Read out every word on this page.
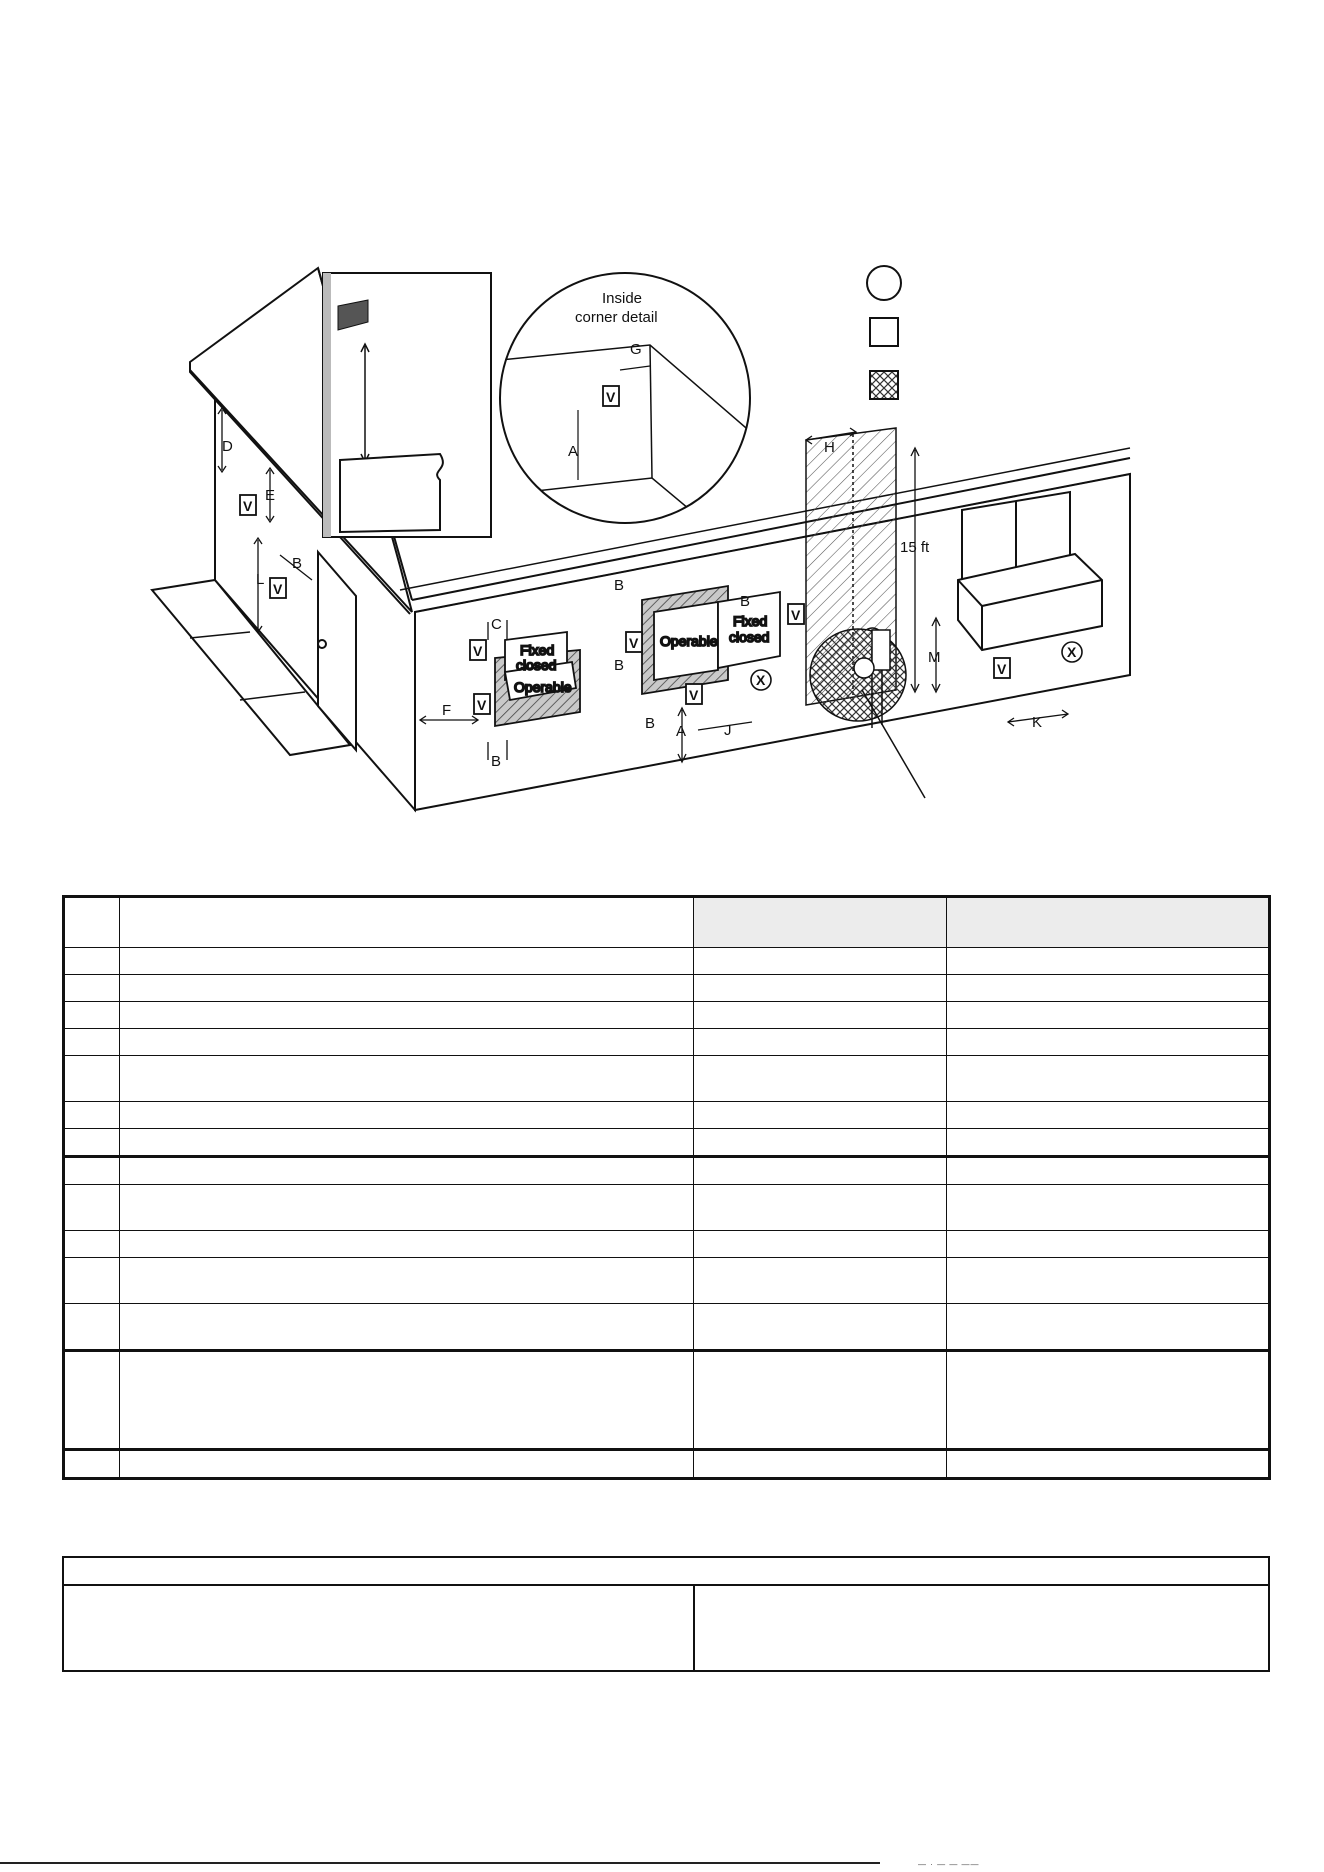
Fixed
closed
Operable
Operable
Fixed
closed
Inside
corner detail
D
E
L
B
F
C
B
B
B
B
B A	J
H
M
K
G
A
15 ft
V
V
V
V
V
V
V
V
V
X
X

— · — — ——
